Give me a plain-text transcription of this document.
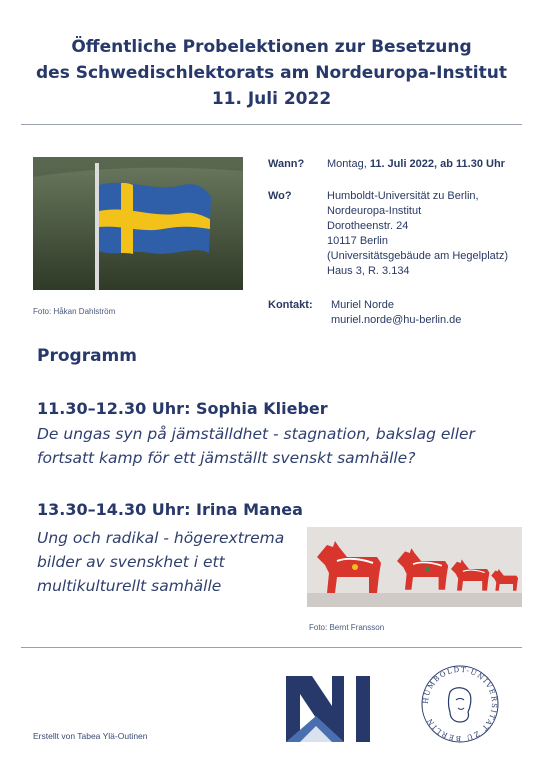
Öffentliche Probelektionen zur Besetzung
des Schwedischlektorats am Nordeuropa-Institut
11. Juli 2022
Foto: Håkan Dahlström
Wann? Montag, 11. Juli 2022, ab 11.30 Uhr
Wo?	Humboldt-Universität zu Berlin,
Nordeuropa-Institut
Dorotheenstr. 24
10117 Berlin
(Universitätsgebäude am Hegelplatz)
Haus 3, R. 3.134
Kontakt: Muriel Norde
muriel.norde@hu-berlin.de
Programm
11.30–12.30 Uhr: Sophia Klieber
De ungas syn på jämställdhet - stagnation, bakslag eller
fortsatt kamp för ett jämställt svenskt samhälle?
13.30–14.30 Uhr: Irina Manea
Ung och radikal - högerextrema
bilder av svenskhet i ett
multikulturellt samhälle
Foto: Bernt Fransson
Erstellt von Tabea Ylä-Outinen
HUMBOLDT-UNIVERSITÄT ZU BERLIN
